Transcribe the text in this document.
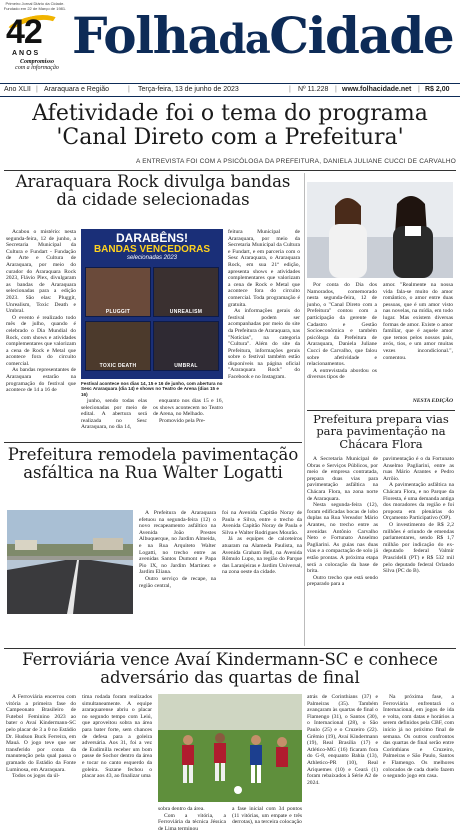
Primeiro Jornal Diário da Cidade. Fundado em 22 de Março de 1981.
42
ANOS
Compromisso
com a informação
FolhadaCidade
Ano XLII | Araraquara e Região	| Terça-feira, 13 de junho de 2023	| Nº 11.228 | www.folhacidade.net | R$ 2,00
Afetividade foi o tema do programa
'Canal Direto com a Prefeitura'
A ENTREVISTA FOI COM A PSICÓLOGA DA PREFEITURA, DANIELA JULIANE CUCCI DE CARVALHO
Araraquara Rock divulga bandas
da cidade selecionadas

Acabou o mistério: nesta segunda-feira, 12 de junho, a Secretaria Municipal da Cultura e Fundart - Fundação de Arte e Cultura de Araraquara, por meio do curador do Araraquara Rock 2023, Flávio Plex, divulgaram as bandas de Araraquara selecionadas para a edição 2023. São elas: Pluggit, Unrealism, Toxic Death e Umbral.

O evento é realizado todo mês de julho, quando é celebrado o Dia Mundial do Rock, com shows e atividades complementares que valorizam a cena de Rock e Metal que acontece fora do circuito comercial.

As bandas representantes de Araraquara estarão na programação do festival que acontece de 14 a 16 de

DARABÊNS!
BANDAS VENCEDORAS
selecionadas 2023
PLUGGIT	UNREALISM
TOXIC DEATH	UMBRAL
Festival acontece nos dias 14, 15 e 16 de junho, com abertura no Sesc Araraquara (dia 14) e shows no Teatro de Arena (dias 15 e 16)

junho, sendo todas elas selecionadas por meio de edital. A abertura será realizada no Sesc Araraquara, no dia 14,

enquanto nos dias 15 e 16, os shows acontecem no Teatro de Arena, no Melhado.

Promovido pela Pre-

feitura Municipal de Araraquara, por meio da Secretaria Municipal da Cultura e Fundart, e em parceria com o Sesc Araraquara, o Araraquara Rock, em sua 21ª edição, apresenta shows e atividades complementares que valorizam a cena de Rock e Metal que acontece fora do circuito comercial. Toda programação é gratuita.

As informações gerais do festival podem ser acompanhadas por meio do site da Prefeitura de Araraquara, nas "Notícias", na categoria "Cultura". Além do site da Prefeitura, informações gerais sobre o festival também estão disponíveis na página oficial "Araraquara Rock" do Facebook e no Instagram.

Por conta do Dia dos Namorados, comemorado nesta segunda-feira, 12 de junho, o "Canal Direto com a Prefeitura" contou com a participação da gerente de Cadastro e Gestão Socioeconômica e também psicóloga da Prefeitura de Araraquara, Daniela Juliane Cucci de Carvalho, que falou sobre afetividade e relacionamentos.

A entrevistada abordou os diversos tipos de

amor. "Realmente na nossa vida fala-se muito do amor romântico, o amor entre duas pessoas, que é um amor visto nas novelas, na mídia, em todo lugar. Mas existem diversas formas de amor. Existe o amor familiar, que é aquele amor que temos pelos nossos pais, avós, tios, e um amor muitas vezes incondicional.", comentou.

NESTA EDIÇÃO
Prefeitura prepara vias
para pavimentação na
Chácara Flora

A Secretaria Municipal de Obras e Serviços Públicos, por meio de empresa contratada, prepara duas vias para pavimentação asfáltica na Chácara Flora, na zona norte de Araraquara.

Nesta segunda-feira (12), foram edificadas bocas de lobo duplas na Rua Vereador Mário Arantes, no trecho entre as avenidas Antônio Carvalho Neto e Fortunato Anselmo Pagliarini. As guias nas duas vias e a compactação de solo já estão prontas. A próxima etapa será a colocação da base de brita.

Outro trecho que está sendo preparado para a

pavimentação é o da Fortunato Anselmo Pagliarini, entre as ruas Mário Arantes e Pedro Arrôio.

A pavimentação asfáltica na Chácara Flora, e no Parque da Floresta, é uma demanda antiga dos moradores da região e foi proposta em plenárias do Orçamento Participativo (OP).

O investimento de R$ 2,2 milhões é oriundo de emendas parlamentares, sendo R$ 1,7 milhão por indicação do ex-deputado federal Valmir Prascidelli (PT) e R$ 532 mil pelo deputado federal Orlando Silva (PC do B).

Prefeitura remodela pavimentação
asfáltica na Rua Walter Logatti

A Prefeitura de Araraquara efetuou na segunda-feira (12) o novo recapeamento asfáltico na Avenida João Prestes Albuquerque, no Jardim Almeida, e na Rua Arquiteto Walter Logatti, no trecho entre as avenidas Santos Dumont e Papa Pio IX, no Jardim Martinez e Jardim Eliana.

Outro serviço de recape, na região central,

foi na Avenida Capitão Noray de Paula e Silva, entre o trecho da Avenida Capitão Noray de Paula e Silva e Walter Rodrigues Mourão.

Já as equipes de calceteiros atuaram na Alameda Paulista, na Avenida Graham Bell, na Avenida Rômulo Lupo, na região do Parque das Laranjeiras e Jardim Universal, na zona oeste da cidade.

Ferroviária vence Avaí Kindermann-SC e conhece
adversário das quartas de final

A Ferroviária encerrou com vitória a primeira fase do Campeonato Brasileiro de Futebol Feminino 2023 ao bater o Avaí Kindermann-SC pelo placar de 3 a 0 no Estádio Dr. Hudson Buck Ferreira, em Mauá. O jogo teve que ser transferido por conta da manutenção pela qual passa o gramado do Estádio da Fonte Luminosa, em Araraquara.

Todos os jogos da úl-

tima rodada foram realizados simultaneamente. A equipe araraquarense abriu o placar no segundo tempo com Leiú, que aproveitou sobra na área para bater forte, sem chances de defesa para a goleira adversária. Aos 31, foi a vez de Eudimilla receber um bom passe de Sochor dentro da área e tocar no canto esquerdo da goleira. Suzane fechou o placar aos 43, ao finalizar uma

sobra dentro da área.

Com a vitória, a Ferroviária da técnica Jéssica de Lima terminou

a fase inicial com 34 pontos (11 vitórias, um empate e três derrotas), na terceira colocação

atrás de Corinthians (37) e Palmeiras (35). Também avançaram às quartas de final o Flamengo (31), o Santos (30), o Internacional (28), o São Paulo (25) e o Cruzeiro (22). Grêmio (19), Avaí Kindermann (19), Real Brasília (17) e Atlético-MG (16) ficaram fora do G-8, enquanto Bahia (13), Athletico-PR (10), Real Ariquemes (10) e Ceará (1) foram rebaixados à Série A2 de 2024.

Na próxima fase, a Ferroviária enfrentará o Internacional, em jogos de ida e volta, com datas e horários a serem definidos pela CBF, com início já no próximo final de semana. Os outros confrontos das quartas de final serão entre Corinthians e Cruzeiro, Palmeiras e São Paulo, Santos e Flamengo. Os melhores colocados de cada duelo fazem o segundo jogo em casa.
